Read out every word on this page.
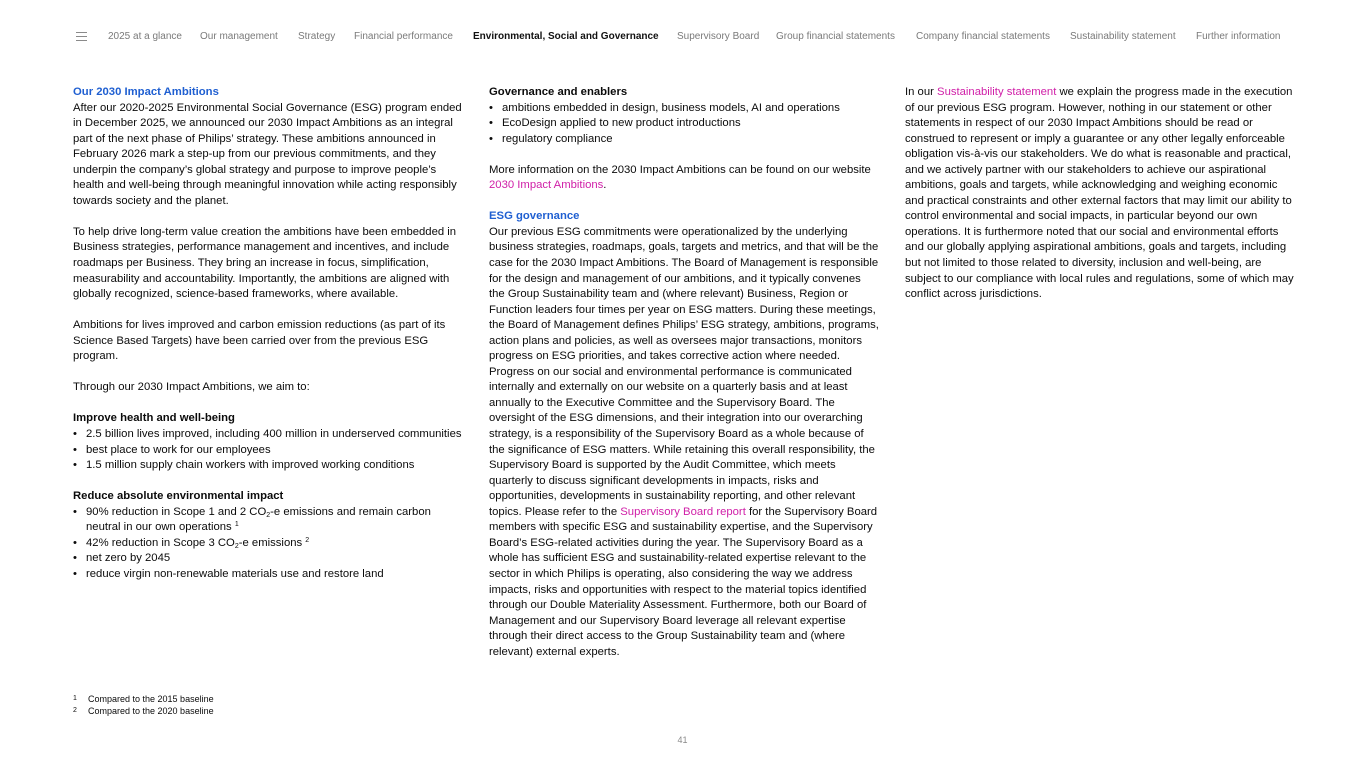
2025 at a glance Our management Strategy Financial performance Environmental, Social and Governance Supervisory Board Group financial statements Company financial statements Sustainability statement Further information
Our 2030 Impact Ambitions

After our 2020-2025 Environmental Social Governance (ESG) program ended in December 2025, we announced our 2030 Impact Ambitions as an integral part of the next phase of Philips’ strategy. These ambitions announced in February 2026 mark a step-up from our previous commitments, and they underpin the company’s global strategy and purpose to improve people’s health and well-being through meaningful innovation while acting responsibly towards society and the planet.

To help drive long-term value creation the ambitions have been embedded in Business strategies, performance management and incentives, and include roadmaps per Business. They bring an increase in focus, simplification, measurability and accountability. Importantly, the ambitions are aligned with globally recognized, science-based frameworks, where available.

Ambitions for lives improved and carbon emission reductions (as part of its Science Based Targets) have been carried over from the previous ESG program.

Through our 2030 Impact Ambitions, we aim to:

Improve health and well-being
• 2.5 billion lives improved, including 400 million in underserved communities
• best place to work for our employees
• 1.5 million supply chain workers with improved working conditions
Reduce absolute environmental impact
• 90% reduction in Scope 1 and 2 $CO_2-e$ emissions and remain carbon neutral in our own operations $^1$
• 42% reduction in Scope 3 $CO_2-e$ emissions $^2$
• net zero by 2045
• reduce virgin non-renewable materials use and restore land
Governance and enablers
• ambitions embedded in design, business models, AI and operations
• EcoDesign applied to new product introductions
• regulatory compliance

More information on the 2030 Impact Ambitions can be found on our website 2030 Impact Ambitions.

ESG governance

Our previous ESG commitments were operationalized by the underlying business strategies, roadmaps, goals, targets and metrics, and that will be the case for the 2030 Impact Ambitions. The Board of Management is responsible for the design and management of our ambitions, and it typically convenes the Group Sustainability team and (where relevant) Business, Region or Function leaders four times per year on ESG matters. During these meetings, the Board of Management defines Philips’ ESG strategy, ambitions, programs, action plans and policies, as well as oversees major transactions, monitors progress on ESG priorities, and takes corrective action where needed. Progress on our social and environmental performance is communicated internally and externally on our website on a quarterly basis and at least annually to the Executive Committee and the Supervisory Board. The oversight of the ESG dimensions, and their integration into our overarching strategy, is a responsibility of the Supervisory Board as a whole because of the significance of ESG matters. While retaining this overall responsibility, the Supervisory Board is supported by the Audit Committee, which meets quarterly to discuss significant developments in impacts, risks and opportunities, developments in sustainability reporting, and other relevant topics. Please refer to the Supervisory Board report for the Supervisory Board members with specific ESG and sustainability expertise, and the Supervisory Board’s ESG-related activities during the year. The Supervisory Board as a whole has sufficient ESG and sustainability-related expertise relevant to the sector in which Philips is operating, also considering the way we address impacts, risks and opportunities with respect to the material topics identified through our Double Materiality Assessment. Furthermore, both our Board of Management and our Supervisory Board leverage all relevant expertise through their direct access to the Group Sustainability team and (where relevant) external experts.

In our Sustainability statement we explain the progress made in the execution of our previous ESG program. However, nothing in our statement or other statements in respect of our 2030 Impact Ambitions should be read or construed to represent or imply a guarantee or any other legally enforceable obligation vis-à-vis our stakeholders. We do what is reasonable and practical, and we actively partner with our stakeholders to achieve our aspirational ambitions, goals and targets, while acknowledging and weighing economic and practical constraints and other external factors that may limit our ability to control environmental and social impacts, in particular beyond our own operations. It is furthermore noted that our social and environmental efforts and our globally applying aspirational ambitions, goals and targets, including but not limited to those related to diversity, inclusion and well-being, are subject to our compliance with local rules and regulations, some of which may conflict across jurisdictions.

1	Compared to the 2015 baseline
2	Compared to the 2020 baseline
41
